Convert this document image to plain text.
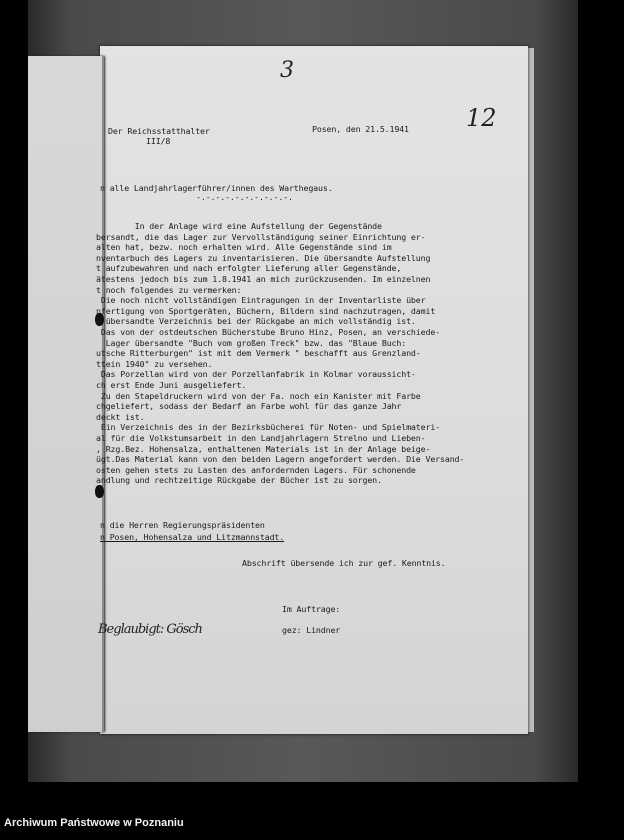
3
12
Der Reichsstatthalter
III/8
Posen, den 21.5.1941
n alle Landjahrlagerführer/innen des Warthegaus.
-.-.-.-.-.-.-.-.-.-.
In der Anlage wird eine Aufstellung der Gegenstände
bersandt, die das Lager zur Vervollständigung seiner Einrichtung er-
alten hat, bezw. noch erhalten wird. Alle Gegenstände sind im
nventarbuch des Lagers zu inventarisieren. Die übersandte Aufstellung
t aufzubewahren und nach erfolgter Lieferung aller Gegenstände,
ätestens jedoch bis zum 1.8.1941 an mich zurückzusenden. Im einzelnen
t noch folgendes zu vermerken:
Die noch nicht vollständigen Eintragungen in der Inventarliste über
nfertigung von Sportgeräten, Büchern, Bildern sind nachzutragen, damit
e übersandte Verzeichnis bei der Rückgabe an mich vollständig ist.
Das von der ostdeutschen Bücherstube Bruno Hinz, Posen, an verschiede-
Lager übersandte "Buch vom großen Treck" bzw. das "Blaue Buch:
utsche Ritterburgen" ist mit dem Vermerk " beschafft aus Grenzland-
ttein 1940" zu versehen.
Das Porzellan wird von der Porzellanfabrik in Kolmar voraussicht-
ch erst Ende Juni ausgeliefert.
Zu den Stapeldruckern wird von der Fa. noch ein Kanister mit Farbe
chgeliefert, sodass der Bedarf an Farbe wohl für das ganze Jahr
deckt ist.
Ein Verzeichnis des in der Bezirksbücherei für Noten- und Spielmateri-
al für die Volkstumsarbeit in den Landjahrlagern Strelno und Lieben-
, Rzg.Bez. Hohensalza, enthaltenen Materials ist in der Anlage beige-
ügt.Das Material kann von den beiden Lagern angefordert werden. Die Versand-
osten gehen stets zu Lasten des anfordernden Lagers. Für schonende
andlung und rechtzeitige Rückgabe der Bücher ist zu sorgen.
n die Herren Regierungspräsidenten
n Posen, Hohensalza und Litzmannstadt.
Abschrift übersende ich zur gef. Kenntnis.
Im Auftrage:
gez: Lindner
Beglaubigt: Gösch
Archiwum Państwowe w Poznaniu
